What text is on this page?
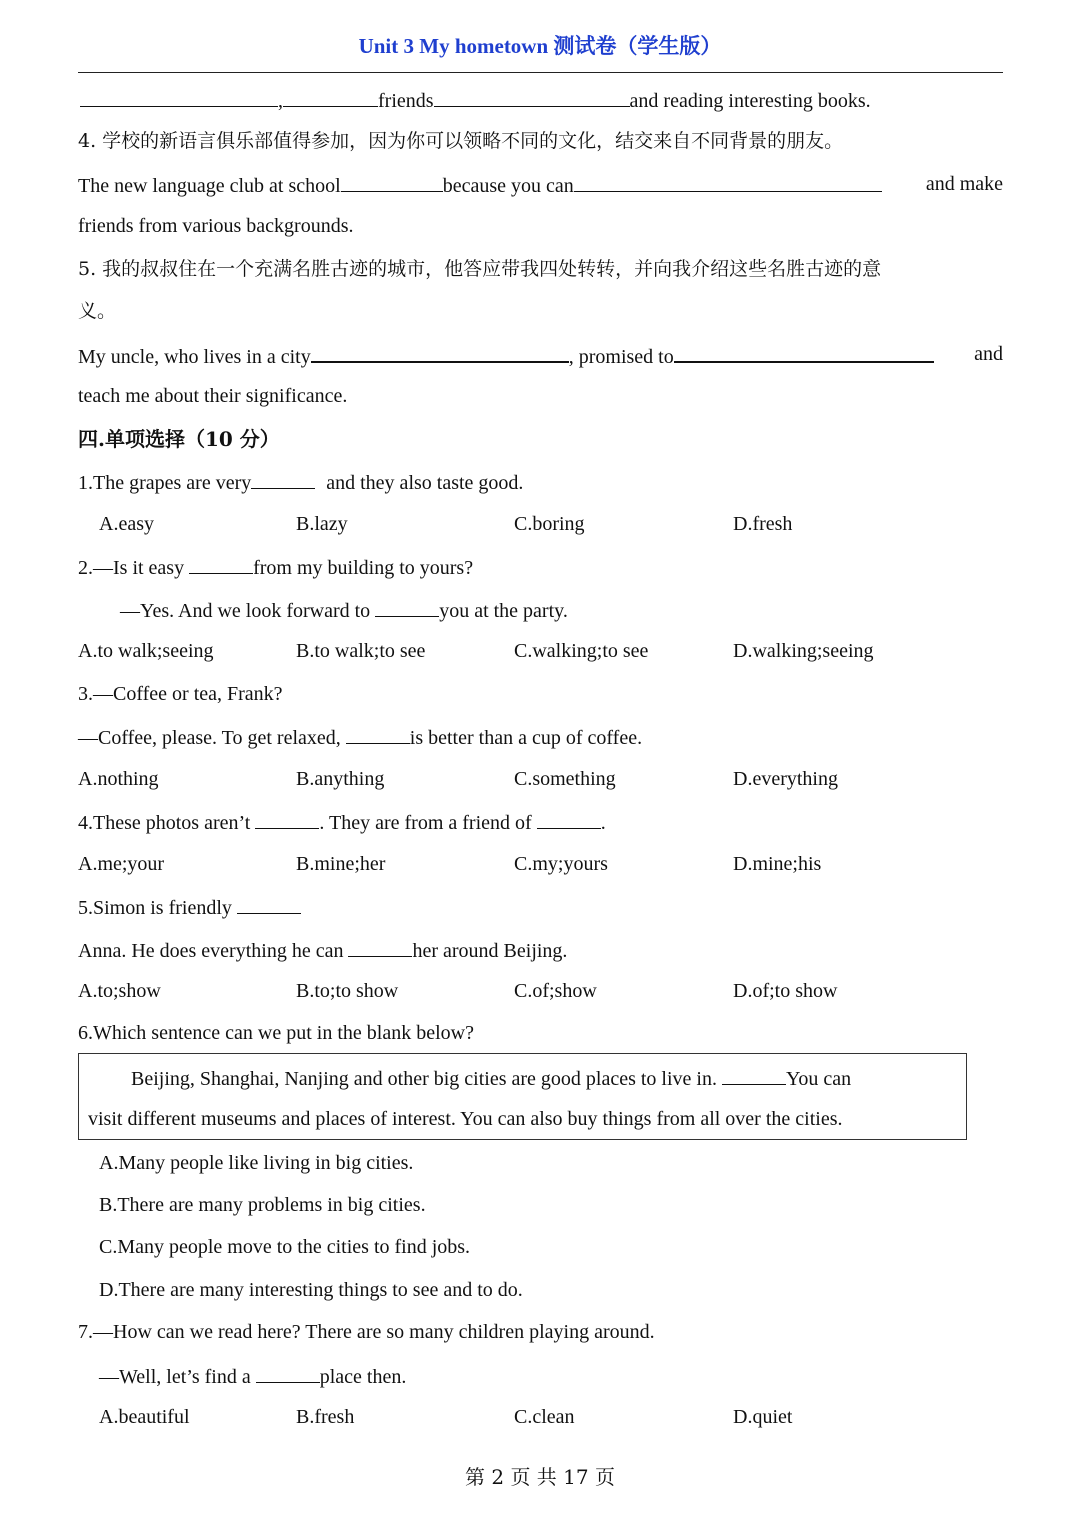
Unit 3 My hometown 测试卷（学生版）
,	friends	and reading interesting books.
4. 学校的新语言俱乐部值得参加，因为你可以领略不同的文化，结交来自不同背景的朋友。
The new language club at school	because you can	and make
friends from various backgrounds.
5. 我的叔叔住在一个充满名胜古迹的城市，他答应带我四处转转，并向我介绍这些名胜古迹的意
义。
My uncle, who lives in a city	, promised to	and
teach me about their significance.
四.单项选择（10 分）
1.The grapes are very	and they also taste good.
A.easy	B.lazy	C.boring	D.fresh
2.—Is it easy	from my building to yours?
—Yes. And we look forward to	you at the party.
A.to walk;seeing	B.to walk;to see	C.walking;to see	D.walking;seeing
3.—Coffee or tea, Frank?
—Coffee, please. To get relaxed,	is better than a cup of coffee.
A.nothing	B.anything	C.something	D.everything
4.These photos aren’t	. They are from a friend of	.
A.me;your	B.mine;her	C.my;yours	D.mine;his
5.Simon is friendly
Anna. He does everything he can	her around Beijing.
A.to;show	B.to;to show	C.of;show	D.of;to show
6.Which sentence can we put in the blank below?
Beijing, Shanghai, Nanjing and other big cities are good places to live in.	You can
visit different museums and places of interest. You can also buy things from all over the cities.
A.Many people like living in big cities.
B.There are many problems in big cities.
C.Many people move to the cities to find jobs.
D.There are many interesting things to see and to do.
7.—How can we read here? There are so many children playing around.
—Well, let’s find a	place then.
A.beautiful	B.fresh	C.clean	D.quiet
第 2 页 共 17 页
